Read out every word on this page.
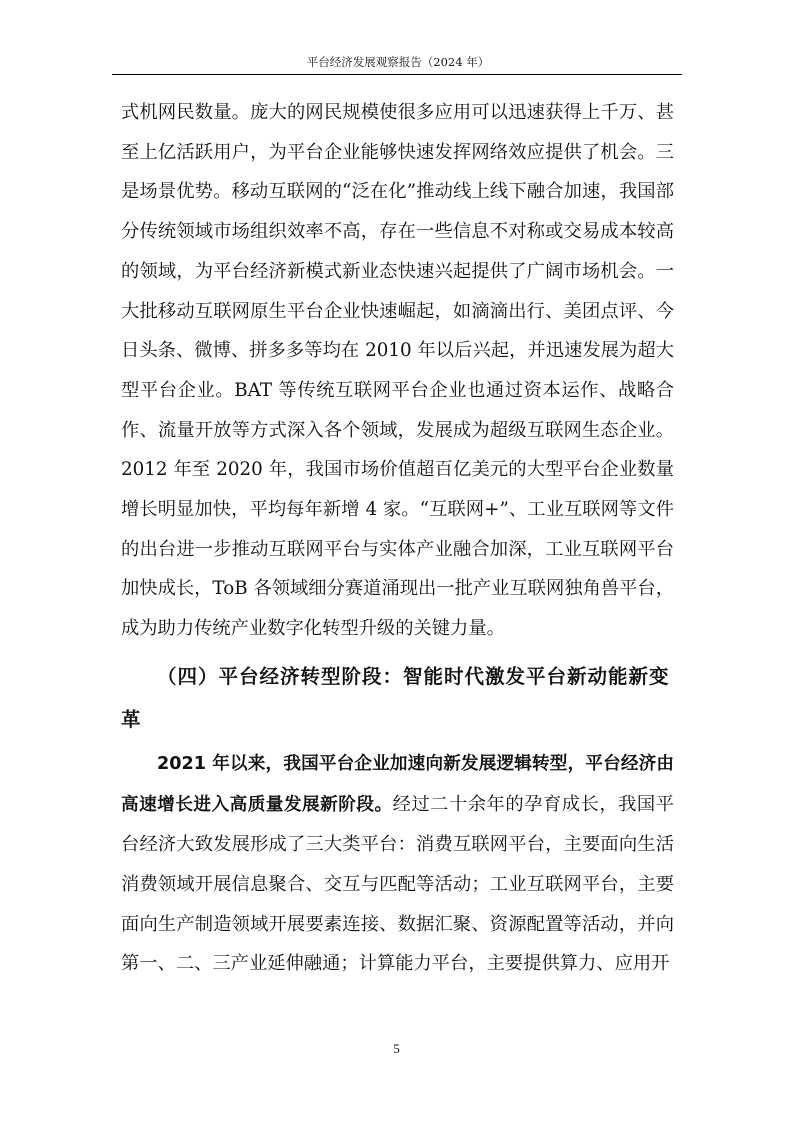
平台经济发展观察报告（2024 年）

式机网民数量。庞大的网民规模使很多应用可以迅速获得上千万、甚至上亿活跃用户，为平台企业能够快速发挥网络效应提供了机会。三是场景优势。移动互联网的“泛在化”推动线上线下融合加速，我国部分传统领域市场组织效率不高，存在一些信息不对称或交易成本较高的领域，为平台经济新模式新业态快速兴起提供了广阔市场机会。一大批移动互联网原生平台企业快速崛起，如滴滴出行、美团点评、今日头条、微博、拼多多等均在 2010 年以后兴起，并迅速发展为超大型平台企业。BAT 等传统互联网平台企业也通过资本运作、战略合作、流量开放等方式深入各个领域，发展成为超级互联网生态企业。2012 年至 2020 年，我国市场价值超百亿美元的大型平台企业数量增长明显加快，平均每年新增 4 家。“互联网+”、工业互联网等文件的出台进一步推动互联网平台与实体产业融合加深，工业互联网平台加快成长，ToB 各领域细分赛道涌现出一批产业互联网独角兽平台，成为助力传统产业数字化转型升级的关键力量。

（四）平台经济转型阶段：智能时代激发平台新动能新变革

2021 年以来，我国平台企业加速向新发展逻辑转型，平台经济由高速增长进入高质量发展新阶段。经过二十余年的孕育成长，我国平台经济大致发展形成了三大类平台：消费互联网平台，主要面向生活消费领域开展信息聚合、交互与匹配等活动；工业互联网平台，主要面向生产制造领域开展要素连接、数据汇聚、资源配置等活动，并向第一、二、三产业延伸融通；计算能力平台，主要提供算力、应用开

5
